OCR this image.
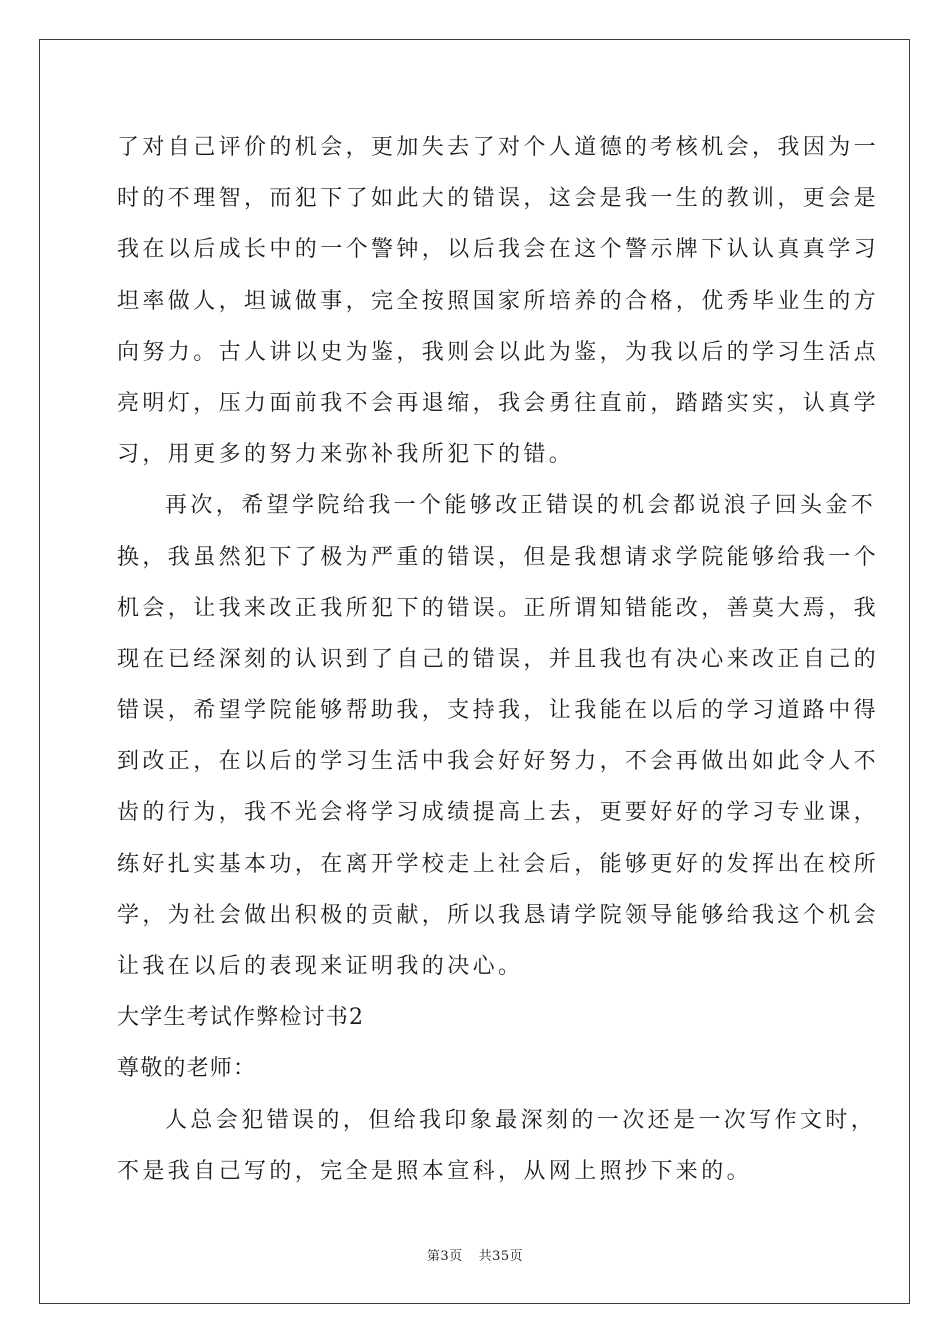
了对自己评价的机会，更加失去了对个人道德的考核机会，我因为一
时的不理智，而犯下了如此大的错误，这会是我一生的教训，更会是
我在以后成长中的一个警钟，以后我会在这个警示牌下认认真真学习
坦率做人，坦诚做事，完全按照国家所培养的合格，优秀毕业生的方
向努力。古人讲以史为鉴，我则会以此为鉴，为我以后的学习生活点
亮明灯，压力面前我不会再退缩，我会勇往直前，踏踏实实，认真学
习，用更多的努力来弥补我所犯下的错。
再次，希望学院给我一个能够改正错误的机会都说浪子回头金不
换，我虽然犯下了极为严重的错误，但是我想请求学院能够给我一个
机会，让我来改正我所犯下的错误。正所谓知错能改，善莫大焉，我
现在已经深刻的认识到了自己的错误，并且我也有决心来改正自己的
错误，希望学院能够帮助我，支持我，让我能在以后的学习道路中得
到改正，在以后的学习生活中我会好好努力，不会再做出如此令人不
齿的行为，我不光会将学习成绩提高上去，更要好好的学习专业课，
练好扎实基本功，在离开学校走上社会后，能够更好的发挥出在校所
学，为社会做出积极的贡献，所以我恳请学院领导能够给我这个机会
让我在以后的表现来证明我的决心。
大学生考试作弊检讨书2
尊敬的老师：
人总会犯错误的，但给我印象最深刻的一次还是一次写作文时，
不是我自己写的，完全是照本宣科，从网上照抄下来的。
第3页 共35页
